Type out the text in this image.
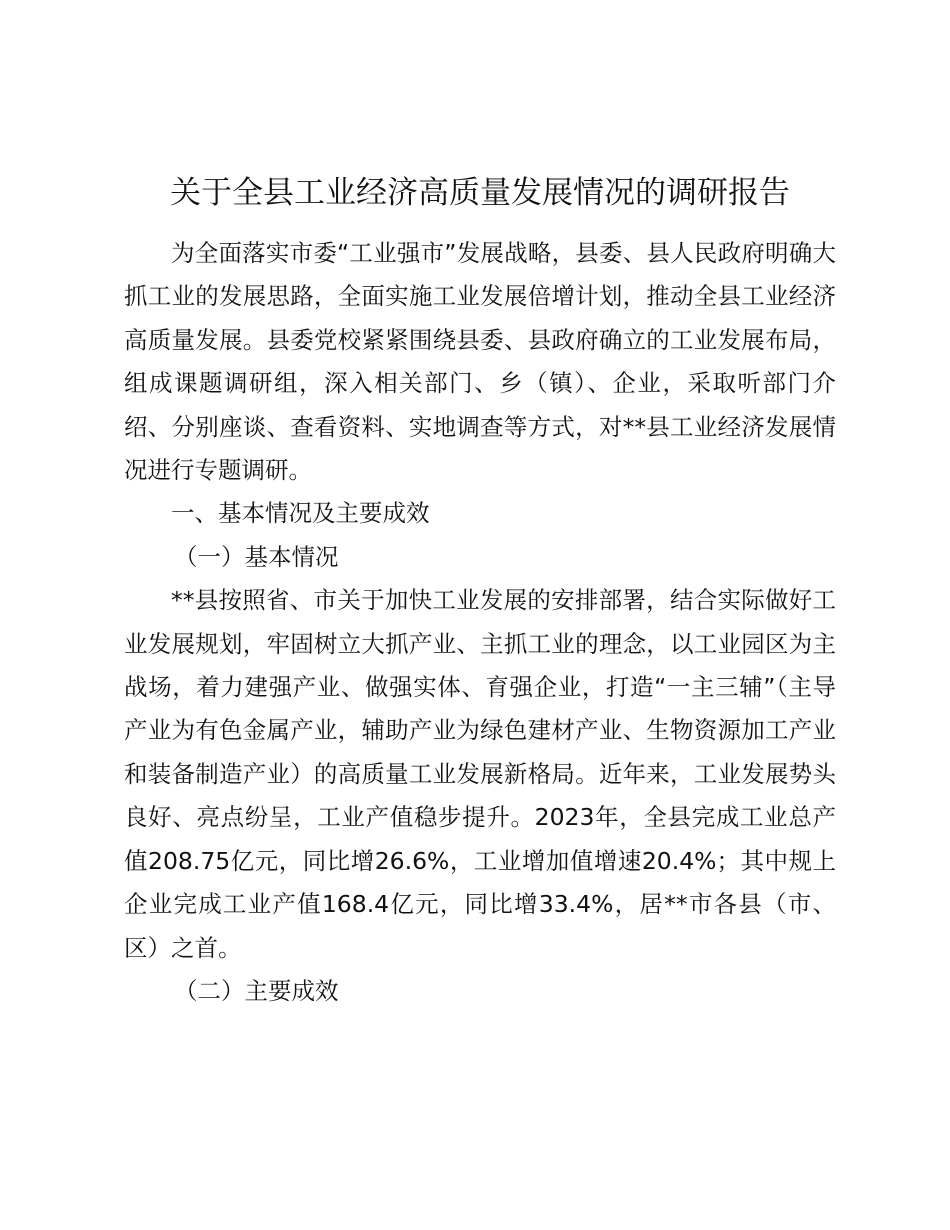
关于全县工业经济高质量发展情况的调研报告

为全面落实市委“工业强市”发展战略，县委、县人民政府明确大抓工业的发展思路，全面实施工业发展倍增计划，推动全县工业经济高质量发展。县委党校紧紧围绕县委、县政府确立的工业发展布局，组成课题调研组，深入相关部门、乡（镇）、企业，采取听部门介绍、分别座谈、查看资料、实地调查等方式，对**县工业经济发展情况进行专题调研。

一、基本情况及主要成效

（一）基本情况

**县按照省、市关于加快工业发展的安排部署，结合实际做好工业发展规划，牢固树立大抓产业、主抓工业的理念，以工业园区为主战场，着力建强产业、做强实体、育强企业，打造“一主三辅”（主导产业为有色金属产业，辅助产业为绿色建材产业、生物资源加工产业和装备制造产业）的高质量工业发展新格局。近年来，工业发展势头良好、亮点纷呈，工业产值稳步提升。2023年，全县完成工业总产值208.75亿元，同比增26.6%，工业增加值增速20.4%；其中规上企业完成工业产值168.4亿元，同比增33.4%，居**市各县（市、区）之首。

（二）主要成效
